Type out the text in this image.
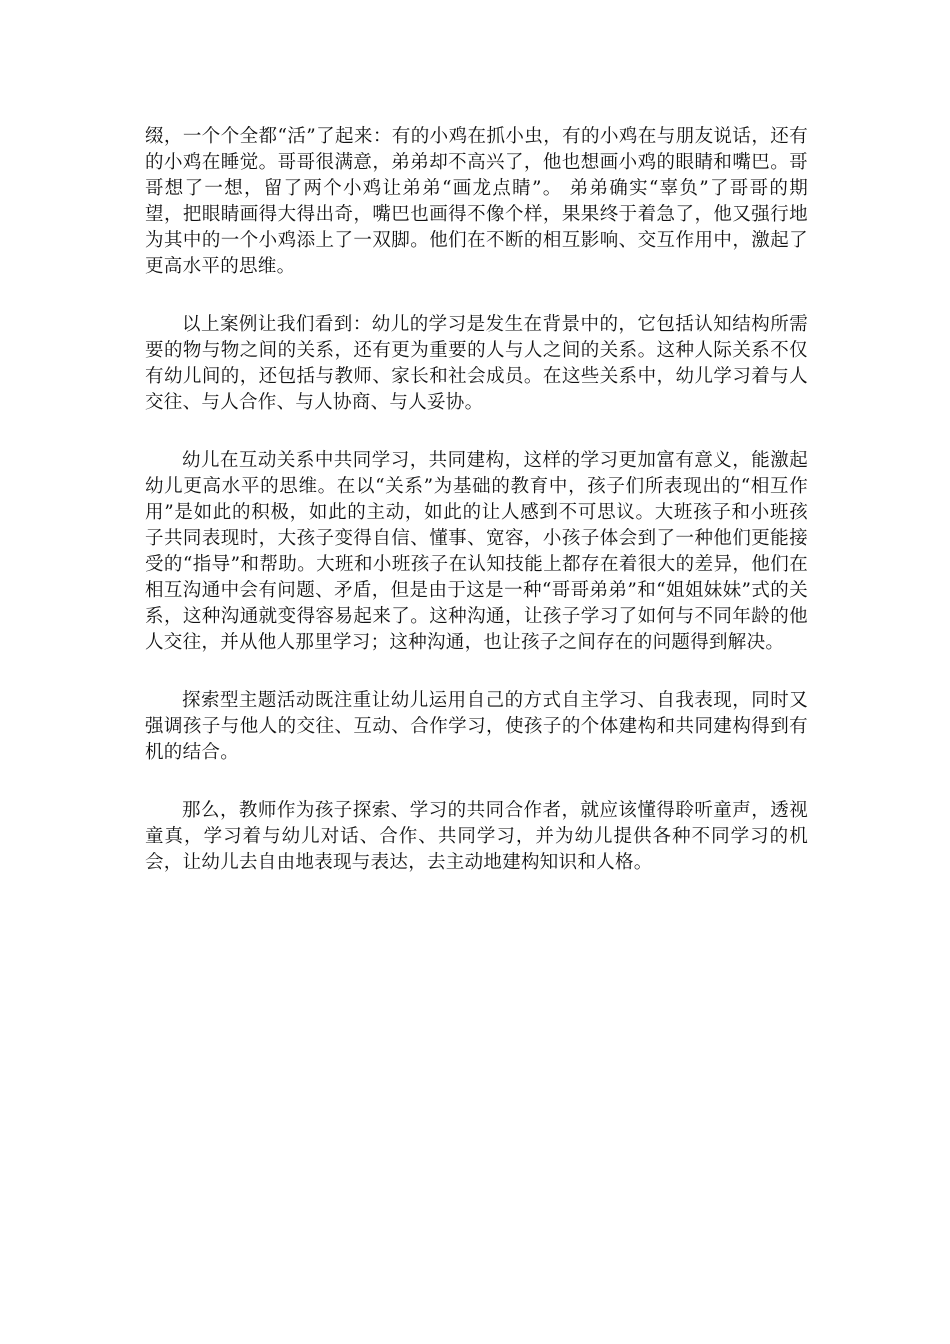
缀，一个个全都“活”了起来：有的小鸡在抓小虫，有的小鸡在与朋友说话，还有的小鸡在睡觉。哥哥很满意，弟弟却不高兴了，他也想画小鸡的眼睛和嘴巴。哥哥想了一想，留了两个小鸡让弟弟“画龙点睛”。 弟弟确实“辜负”了哥哥的期望，把眼睛画得大得出奇，嘴巴也画得不像个样，果果终于着急了，他又强行地为其中的一个小鸡添上了一双脚。他们在不断的相互影响、交互作用中，激起了更高水平的思维。

以上案例让我们看到：幼儿的学习是发生在背景中的，它包括认知结构所需要的物与物之间的关系，还有更为重要的人与人之间的关系。这种人际关系不仅有幼儿间的，还包括与教师、家长和社会成员。在这些关系中，幼儿学习着与人交往、与人合作、与人协商、与人妥协。

幼儿在互动关系中共同学习，共同建构，这样的学习更加富有意义，能激起幼儿更高水平的思维。在以“关系”为基础的教育中，孩子们所表现出的“相互作用”是如此的积极，如此的主动，如此的让人感到不可思议。大班孩子和小班孩子共同表现时，大孩子变得自信、懂事、宽容，小孩子体会到了一种他们更能接受的“指导”和帮助。大班和小班孩子在认知技能上都存在着很大的差异，他们在相互沟通中会有问题、矛盾，但是由于这是一种“哥哥弟弟”和“姐姐妹妹”式的关系，这种沟通就变得容易起来了。这种沟通，让孩子学习了如何与不同年龄的他人交往，并从他人那里学习；这种沟通，也让孩子之间存在的问题得到解决。

探索型主题活动既注重让幼儿运用自己的方式自主学习、自我表现，同时又强调孩子与他人的交往、互动、合作学习，使孩子的个体建构和共同建构得到有机的结合。

那么，教师作为孩子探索、学习的共同合作者，就应该懂得聆听童声，透视童真，学习着与幼儿对话、合作、共同学习，并为幼儿提供各种不同学习的机会，让幼儿去自由地表现与表达，去主动地建构知识和人格。
